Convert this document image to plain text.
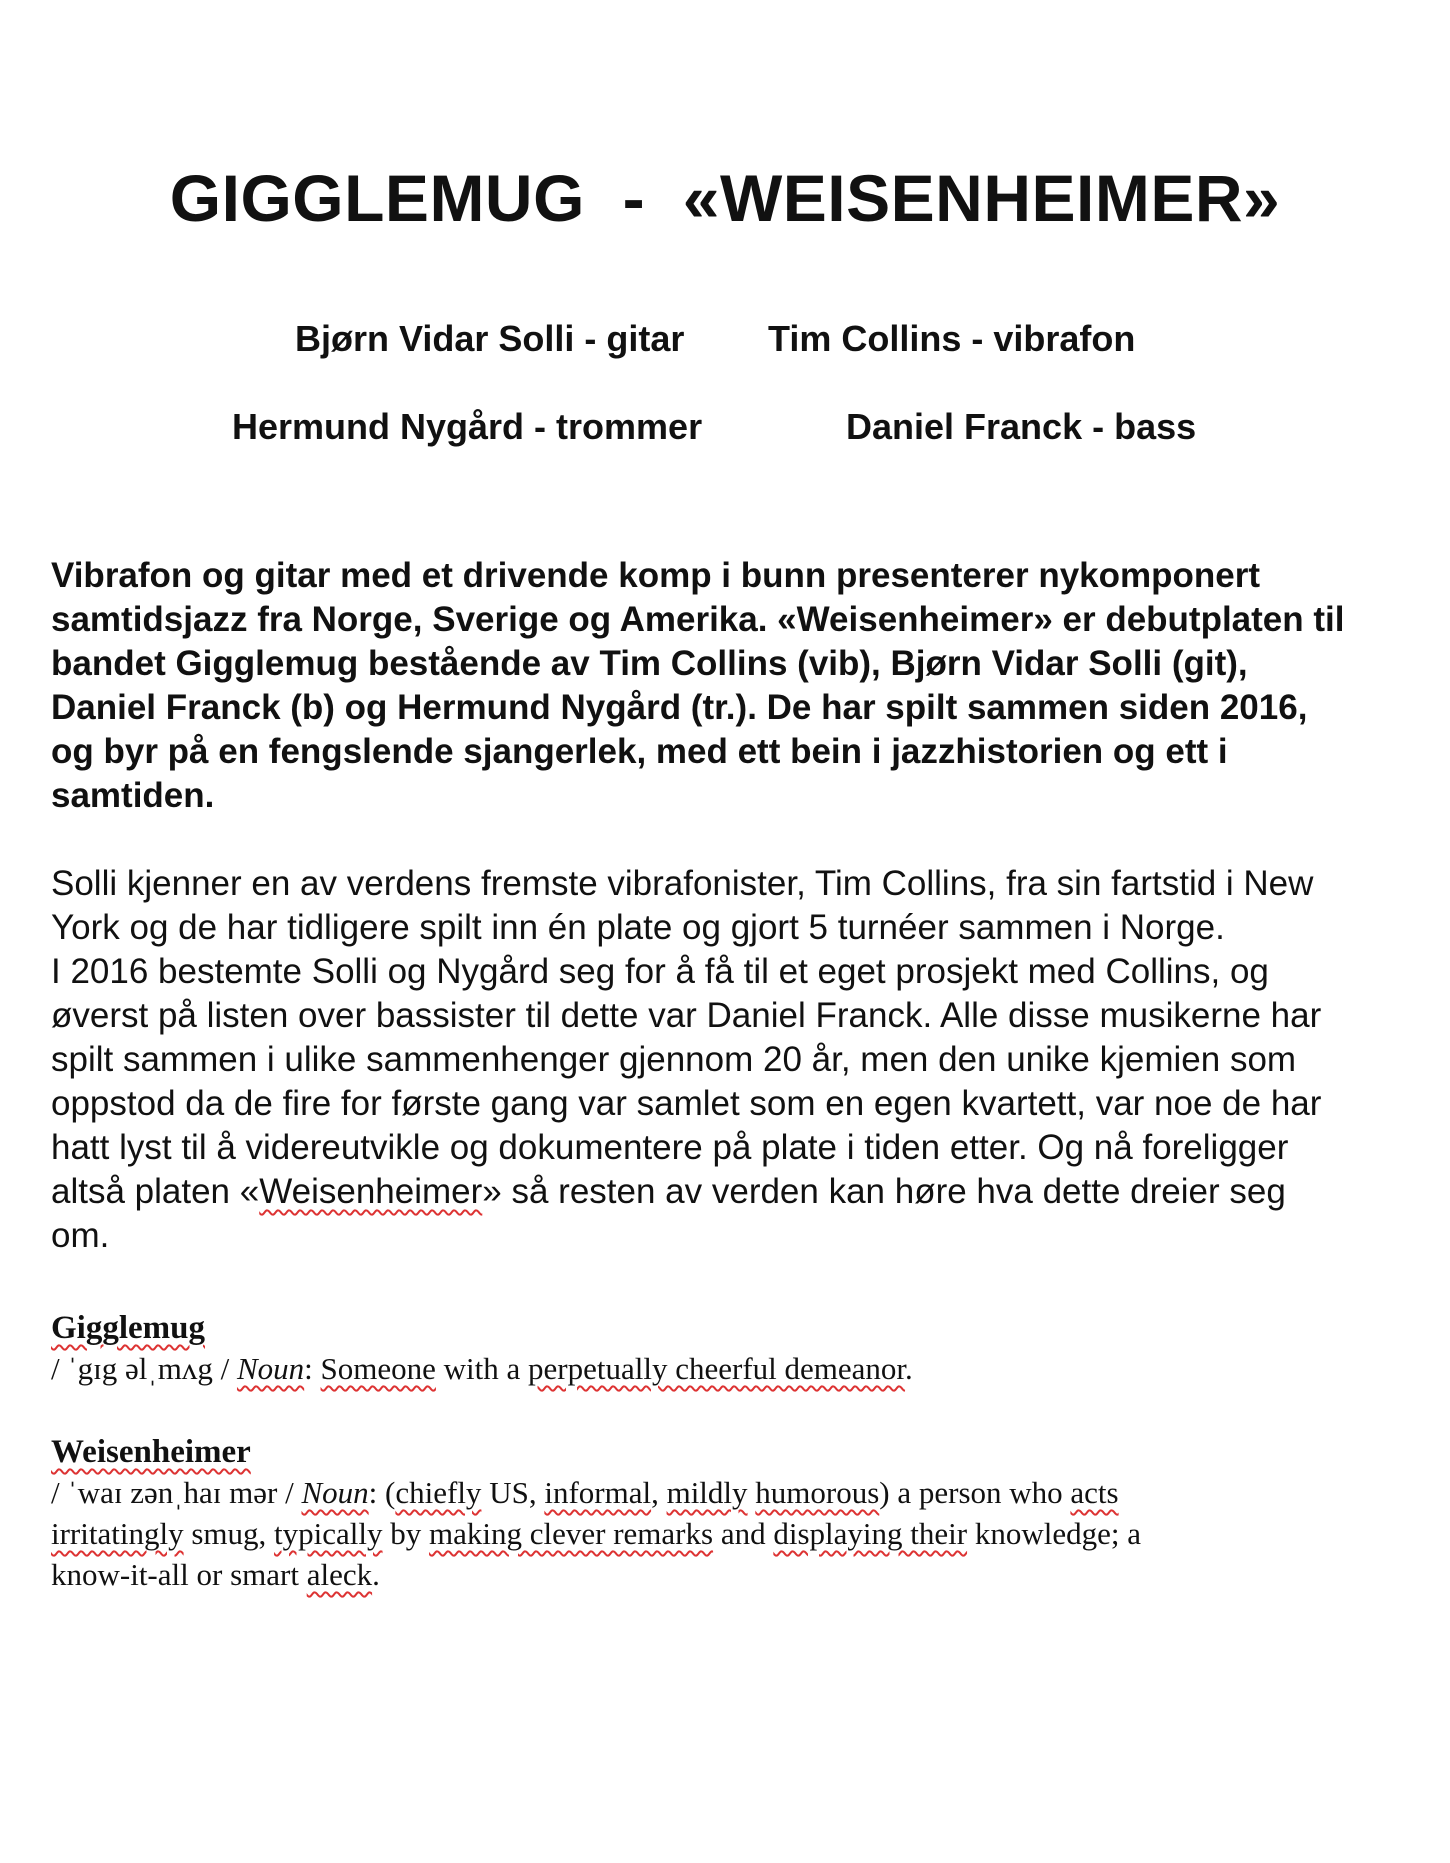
GIGGLEMUG  -  «WEISENHEIMER»
Bjørn Vidar Solli - gitar Tim Collins - vibrafon
Hermund Nygård - trommer	Daniel Franck - bass
Vibrafon og gitar med et drivende komp i bunn presenterer nykomponert
samtidsjazz fra Norge, Sverige og Amerika. «Weisenheimer» er debutplaten til
bandet Gigglemug bestående av Tim Collins (vib), Bjørn Vidar Solli (git),
Daniel Franck (b) og Hermund Nygård (tr.). De har spilt sammen siden 2016,
og byr på en fengslende sjangerlek, med ett bein i jazzhistorien og ett i
samtiden.
Solli kjenner en av verdens fremste vibrafonister, Tim Collins, fra sin fartstid i New
York og de har tidligere spilt inn én plate og gjort 5 turnéer sammen i Norge.
I 2016 bestemte Solli og Nygård seg for å få til et eget prosjekt med Collins, og
øverst på listen over bassister til dette var Daniel Franck. Alle disse musikerne har
spilt sammen i ulike sammenhenger gjennom 20 år, men den unike kjemien som
oppstod da de fire for første gang var samlet som en egen kvartett, var noe de har
hatt lyst til å videreutvikle og dokumentere på plate i tiden etter. Og nå foreligger
altså platen «Weisenheimer» så resten av verden kan høre hva dette dreier seg
om.
Gigglemug
/ ˈgɪg əlˌmʌg / Noun: Someone with a perpetually cheerful demeanor.
Weisenheimer
/ ˈwaɪ zənˌhaɪ mər / Noun: (chiefly US, informal, mildly humorous) a person who acts
irritatingly smug, typically by making clever remarks and displaying their knowledge; a
know-it-all or smart aleck.
